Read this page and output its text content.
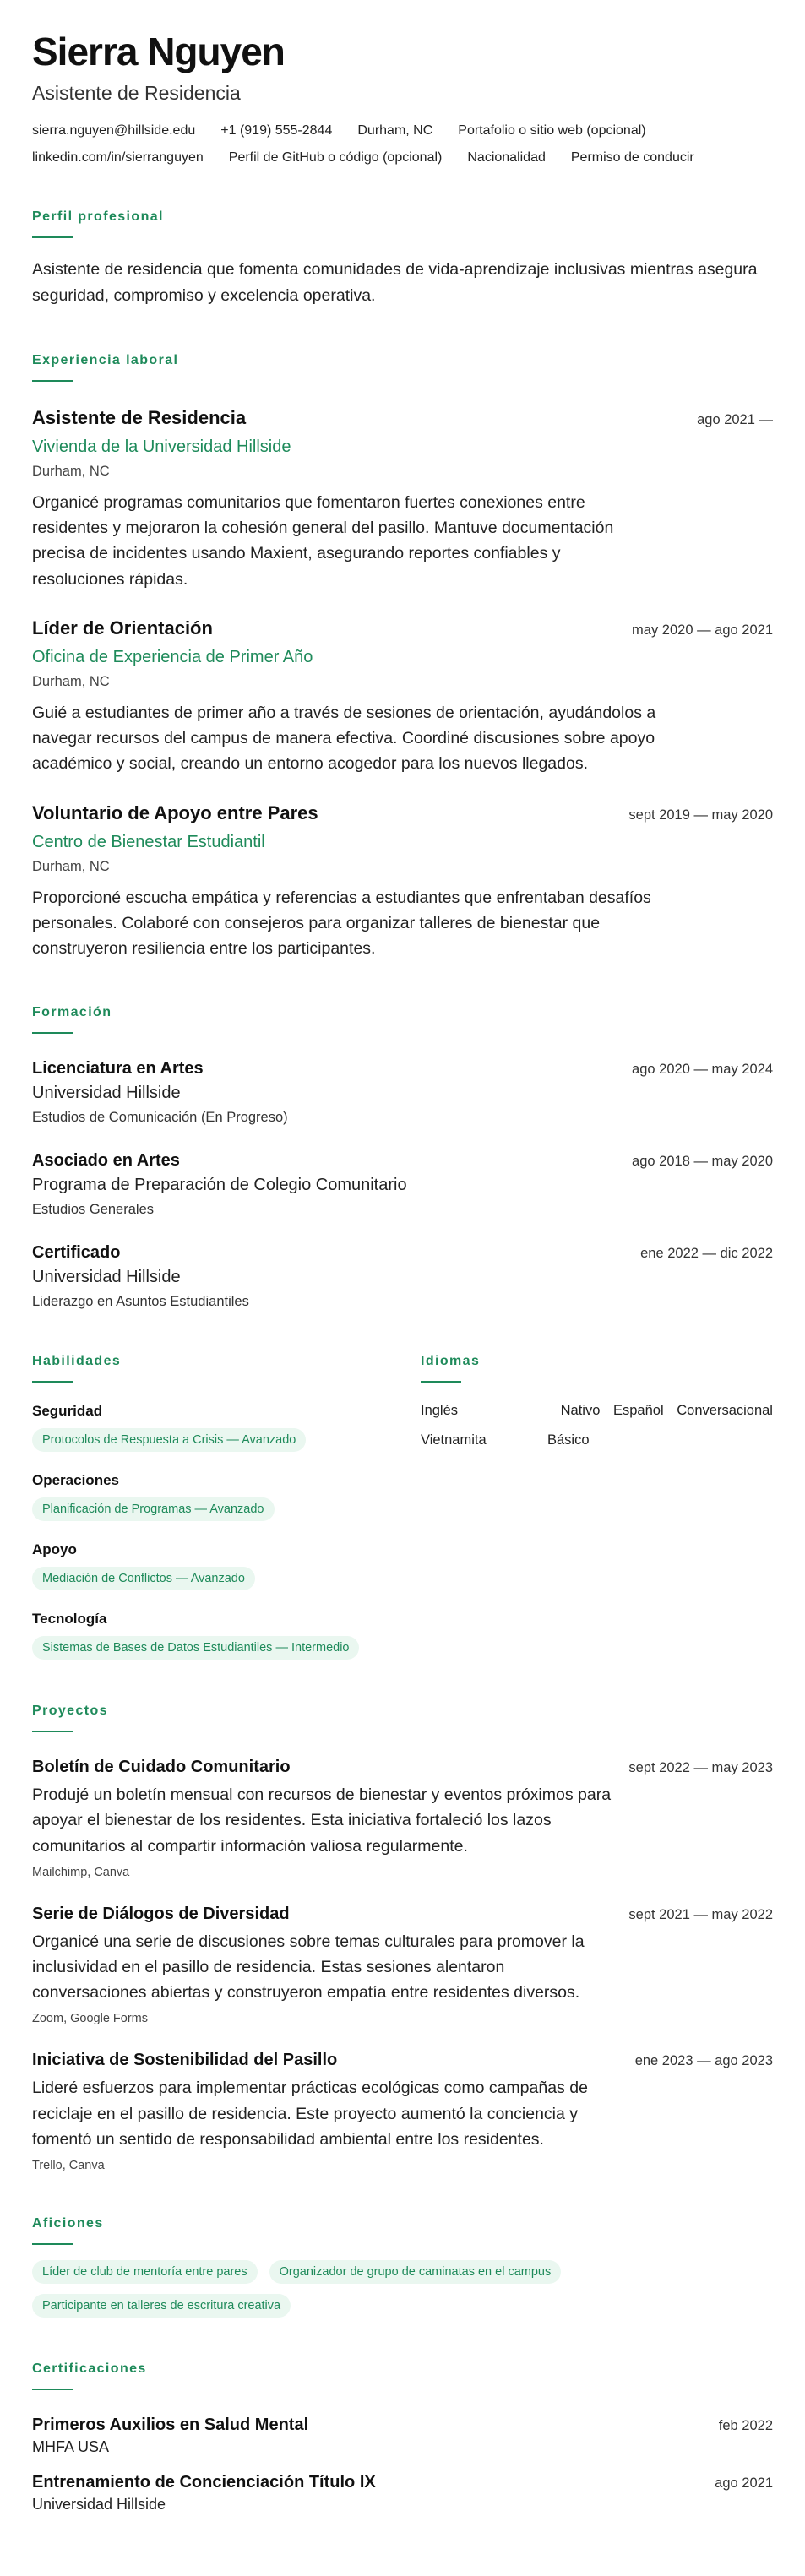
Sierra Nguyen
Asistente de Residencia
sierra.nguyen@hillside.edu +1 (919) 555-2844 Durham, NC Portafolio o sitio web (opcional)
linkedin.com/in/sierranguyen Perfil de GitHub o código (opcional) Nacionalidad Permiso de conducir
Perfil profesional

Asistente de residencia que fomenta comunidades de vida-aprendizaje inclusivas mientras asegura seguridad, compromiso y excelencia operativa.

Experiencia laboral
Asistente de Residencia	ago 2021 —
Vivienda de la Universidad Hillside
Durham, NC

Organicé programas comunitarios que fomentaron fuertes conexiones entre residentes y mejoraron la cohesión general del pasillo. Mantuve documentación precisa de incidentes usando Maxient, asegurando reportes confiables y resoluciones rápidas.

Líder de Orientación	may 2020 — ago 2021
Oficina de Experiencia de Primer Año
Durham, NC

Guié a estudiantes de primer año a través de sesiones de orientación, ayudándolos a navegar recursos del campus de manera efectiva. Coordiné discusiones sobre apoyo académico y social, creando un entorno acogedor para los nuevos llegados.

Voluntario de Apoyo entre Pares	sept 2019 — may 2020
Centro de Bienestar Estudiantil
Durham, NC

Proporcioné escucha empática y referencias a estudiantes que enfrentaban desafíos personales. Colaboré con consejeros para organizar talleres de bienestar que construyeron resiliencia entre los participantes.

Formación
Licenciatura en Artes	ago 2020 — may 2024
Universidad Hillside
Estudios de Comunicación (En Progreso)
Asociado en Artes	ago 2018 — may 2020
Programa de Preparación de Colegio Comunitario
Estudios Generales
Certificado	ene 2022 — dic 2022
Universidad Hillside
Liderazgo en Asuntos Estudiantiles
Habilidades
Seguridad
Protocolos de Respuesta a Crisis — Avanzado
Operaciones
Planificación de Programas — Avanzado
Apoyo
Mediación de Conflictos — Avanzado
Tecnología
Sistemas de Bases de Datos Estudiantiles — Intermedio
Idiomas
Inglés	Nativo Español Conversacional
Vietnamita	Básico
Proyectos
Boletín de Cuidado Comunitario	sept 2022 — may 2023

Produjé un boletín mensual con recursos de bienestar y eventos próximos para apoyar el bienestar de los residentes. Esta iniciativa fortaleció los lazos comunitarios al compartir información valiosa regularmente.

Mailchimp, Canva
Serie de Diálogos de Diversidad	sept 2021 — may 2022

Organicé una serie de discusiones sobre temas culturales para promover la inclusividad en el pasillo de residencia. Estas sesiones alentaron conversaciones abiertas y construyeron empatía entre residentes diversos.

Zoom, Google Forms
Iniciativa de Sostenibilidad del Pasillo	ene 2023 — ago 2023

Lideré esfuerzos para implementar prácticas ecológicas como campañas de reciclaje en el pasillo de residencia. Este proyecto aumentó la conciencia y fomentó un sentido de responsabilidad ambiental entre los residentes.

Trello, Canva
Aficiones
Líder de club de mentoría entre pares	Organizador de grupo de caminatas en el campus
Participante en talleres de escritura creativa
Certificaciones
Primeros Auxilios en Salud Mental	feb 2022
MHFA USA
Entrenamiento de Concienciación Título IX	ago 2021
Universidad Hillside
